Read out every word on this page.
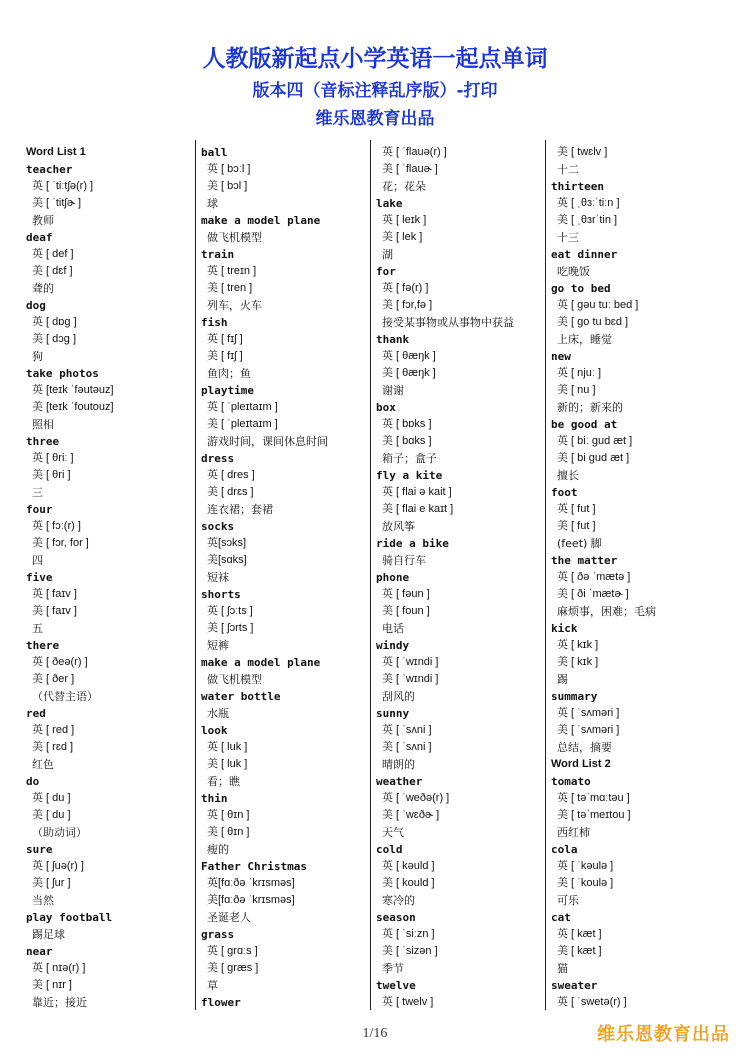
人教版新起点小学英语一起点单词
版本四（音标注释乱序版）-打印
维乐恩教育出品
Word List 1
teacher
英 [ ˈtiːtʃə(r) ]
美 [ ˈtitʃɚ ]
教师
deaf
英 [ def ]
美 [ dɛf ]
聋的
dog
英 [ dɒg ]
美 [ dɔg ]
狗
take photos
英 [teɪk ˈfəutəuz]
美 [teɪk ˈfoutouz]
照相
three
英 [ θriː ]
美 [ θri ]
三
four
英 [ fɔː(r) ]
美 [ fɔr, for ]
四
five
英 [ faɪv ]
美 [ faɪv ]
五
there
英 [ ðeə(r) ]
美 [ ðer ]
（代替主语）
red
英 [ red ]
美 [ rɛd ]
红色
do
英 [ du ]
美 [ du ]
（助动词）
sure
英 [ ʃuə(r) ]
美 [ ʃur ]
当然
play football
踢足球
near
英 [ nɪə(r) ]
美 [ nɪr ]
靠近；接近
ball
英 [ bɔːl ]
美 [ bɔl ]
球
make a model plane
做飞机模型
train
英 [ treɪn ]
美 [ tren ]
列车，火车
fish
英 [ fɪʃ ]
美 [ fɪʃ ]
鱼肉；鱼
playtime
英 [ ˈpleɪtaɪm ]
美 [ ˈpleɪtaɪm ]
游戏时间，课间休息时间
dress
英 [ dres ]
美 [ drɛs ]
连衣裙；套裙
socks
英[sɔks]
美[sɑks]
短袜
shorts
英 [ ʃɔːts ]
美 [ ʃɔrts ]
短裤
make a model plane
做飞机模型
water bottle
水瓶
look
英 [ luk ]
美 [ luk ]
看；瞧
thin
英 [ θɪn ]
美 [ θɪn ]
瘦的
Father Christmas
英[fɑːðə ˈkrɪsməs]
美[fɑːðə ˈkrɪsməs]
圣诞老人
grass
英 [ grɑːs ]
美 [ græs ]
草
flower
英 [ ˈflauə(r) ]
美 [ ˈflauɚ ]
花；花朵
lake
英 [ leɪk ]
美 [ lek ]
湖
for
英 [ fə(r) ]
美 [ fɔr,fə ]
接受某事物或从事物中获益
thank
英 [ θæŋk ]
美 [ θæŋk ]
谢谢
box
英 [ bɒks ]
美 [ bɑks ]
箱子；盒子
fly a kite
英 [ flai ə kait ]
美 [ flai e kaɪt ]
放风筝
ride a bike
骑自行车
phone
英 [ fəun ]
美 [ foun ]
电话
windy
英 [ ˈwɪndi ]
美 [ ˈwɪndi ]
刮风的
sunny
英 [ ˈsʌni ]
美 [ ˈsʌni ]
晴朗的
weather
英 [ ˈweðə(r) ]
美 [ ˈwɛðɚ ]
天气
cold
英 [ kəuld ]
美 [ kould ]
寒冷的
season
英 [ ˈsiːzn ]
美 [ ˈsizən ]
季节
twelve
英 [ twelv ]
美 [ twɛlv ]
十二
thirteen
英 [ ˌθɜːˈtiːn ]
美 [ ˌθɜrˈtin ]
十三
eat dinner
吃晚饭
go to bed
英 [ gəu tuː bed ]
美 [ go tu bɛd ]
上床，睡觉
new
英 [ njuː ]
美 [ nu ]
新的；新来的
be good at
英 [ biː gud æt ]
美 [ bi gud æt ]
擅长
foot
英 [ fut ]
美 [ fut ]
(feet) 脚
the matter
英 [ ðə ˈmætə ]
美 [ ði ˈmætɚ ]
麻烦事，困难；毛病
kick
英 [ kɪk ]
美 [ kɪk ]
踢
summary
英 [ ˈsʌməri ]
美 [ ˈsʌməri ]
总结，摘要
Word List 2
tomato
英 [ təˈmɑːtəu ]
美 [ təˈmeɪtou ]
西红柿
cola
英 [ ˈkəulə ]
美 [ ˈkoulə ]
可乐
cat
英 [ kæt ]
美 [ kæt ]
猫
sweater
英 [ ˈswetə(r) ]
1/16	维乐恩教育出品
